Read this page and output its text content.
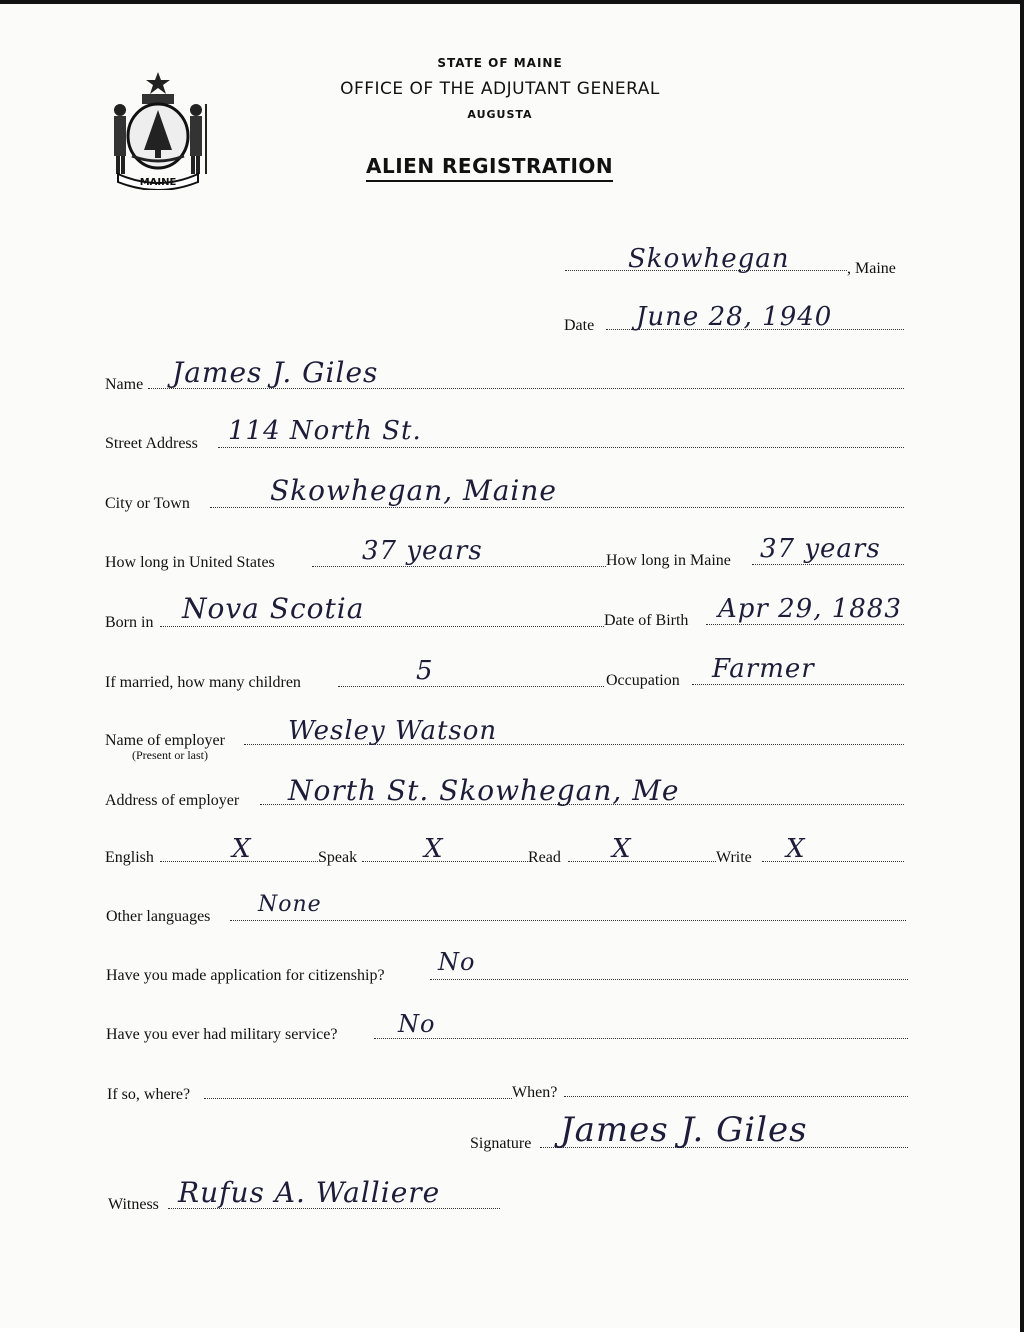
MAINE
STATE OF MAINE
OFFICE OF THE ADJUTANT GENERAL
AUGUSTA
ALIEN REGISTRATION
Skowhegan	, Maine
Date June 28, 1940
Name James J. Giles
Street Address 114 North St.
City or Town	Skowhegan, Maine
How long in United States	37 years	How long in Maine 37 years
Born in Nova Scotia	Date of Birth Apr 29, 1883
If married, how many children	5	Occupation Farmer
Name of employer
(Present or last)
Wesley Watson
Address of employer North St. Skowhegan, Me
English	X	Speak	X	Read X	Write X
Other languages None
Have you made application for citizenship? No
Have you ever had military service?	No
If so, where?	When?
Signature James J. Giles
Witness Rufus A. Walliere
